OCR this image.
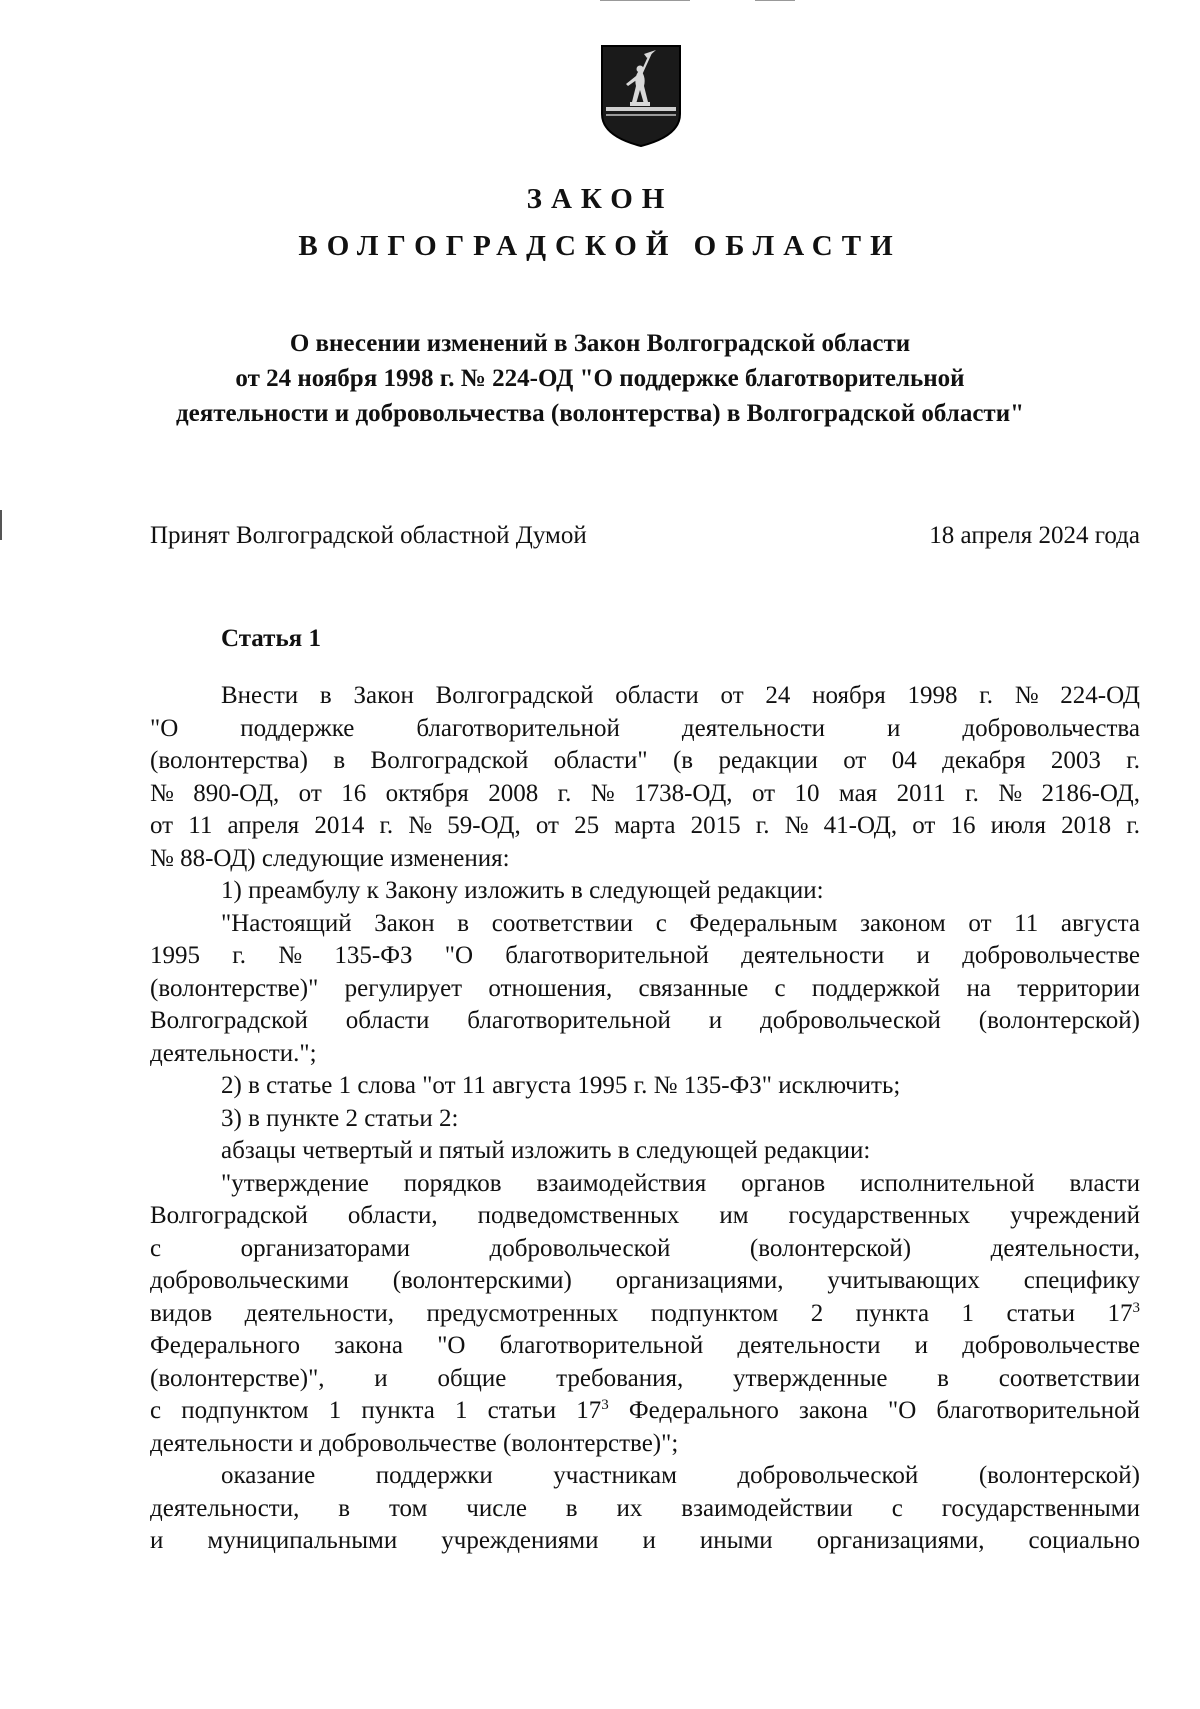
ЗАКОН
ВОЛГОГРАДСКОЙ ОБЛАСТИ
О внесении изменений в Закон Волгоградской области
от 24 ноября 1998 г. № 224-ОД "О поддержке благотворительной
деятельности и добровольчества (волонтерства) в Волгоградской области"
Принят Волгоградской областной Думой	18 апреля 2024 года
Статья 1
Внести в Закон Волгоградской области от 24 ноября 1998 г. № 224-ОД
"О поддержке благотворительной деятельности и добровольчества
(волонтерства) в Волгоградской области" (в редакции от 04 декабря 2003 г.
№ 890-ОД, от 16 октября 2008 г. № 1738-ОД, от 10 мая 2011 г. № 2186-ОД,
от 11 апреля 2014 г. № 59-ОД, от 25 марта 2015 г. № 41-ОД, от 16 июля 2018 г.
№ 88-ОД) следующие изменения:
1) преамбулу к Закону изложить в следующей редакции:
"Настоящий Закон в соответствии с Федеральным законом от 11 августа
1995 г. № 135-ФЗ "О благотворительной деятельности и добровольчестве
(волонтерстве)" регулирует отношения, связанные с поддержкой на территории
Волгоградской области благотворительной и добровольческой (волонтерской)
деятельности.";
2) в статье 1 слова "от 11 августа 1995 г. № 135-ФЗ" исключить;
3) в пункте 2 статьи 2:
абзацы четвертый и пятый изложить в следующей редакции:
"утверждение порядков взаимодействия органов исполнительной власти
Волгоградской области, подведомственных им государственных учреждений
с организаторами добровольческой (волонтерской) деятельности,
добровольческими (волонтерскими) организациями, учитывающих специфику
видов деятельности, предусмотренных подпунктом 2 пункта 1 статьи $17^3$
Федерального закона "О благотворительной деятельности и добровольчестве
(волонтерстве)", и общие требования, утвержденные в соответствии
с подпунктом 1 пункта 1 статьи $17^3$ Федерального закона "О благотворительной
деятельности и добровольчестве (волонтерстве)";
оказание поддержки участникам добровольческой (волонтерской)
деятельности, в том числе в их взаимодействии с государственными
и муниципальными учреждениями и иными организациями, социально
